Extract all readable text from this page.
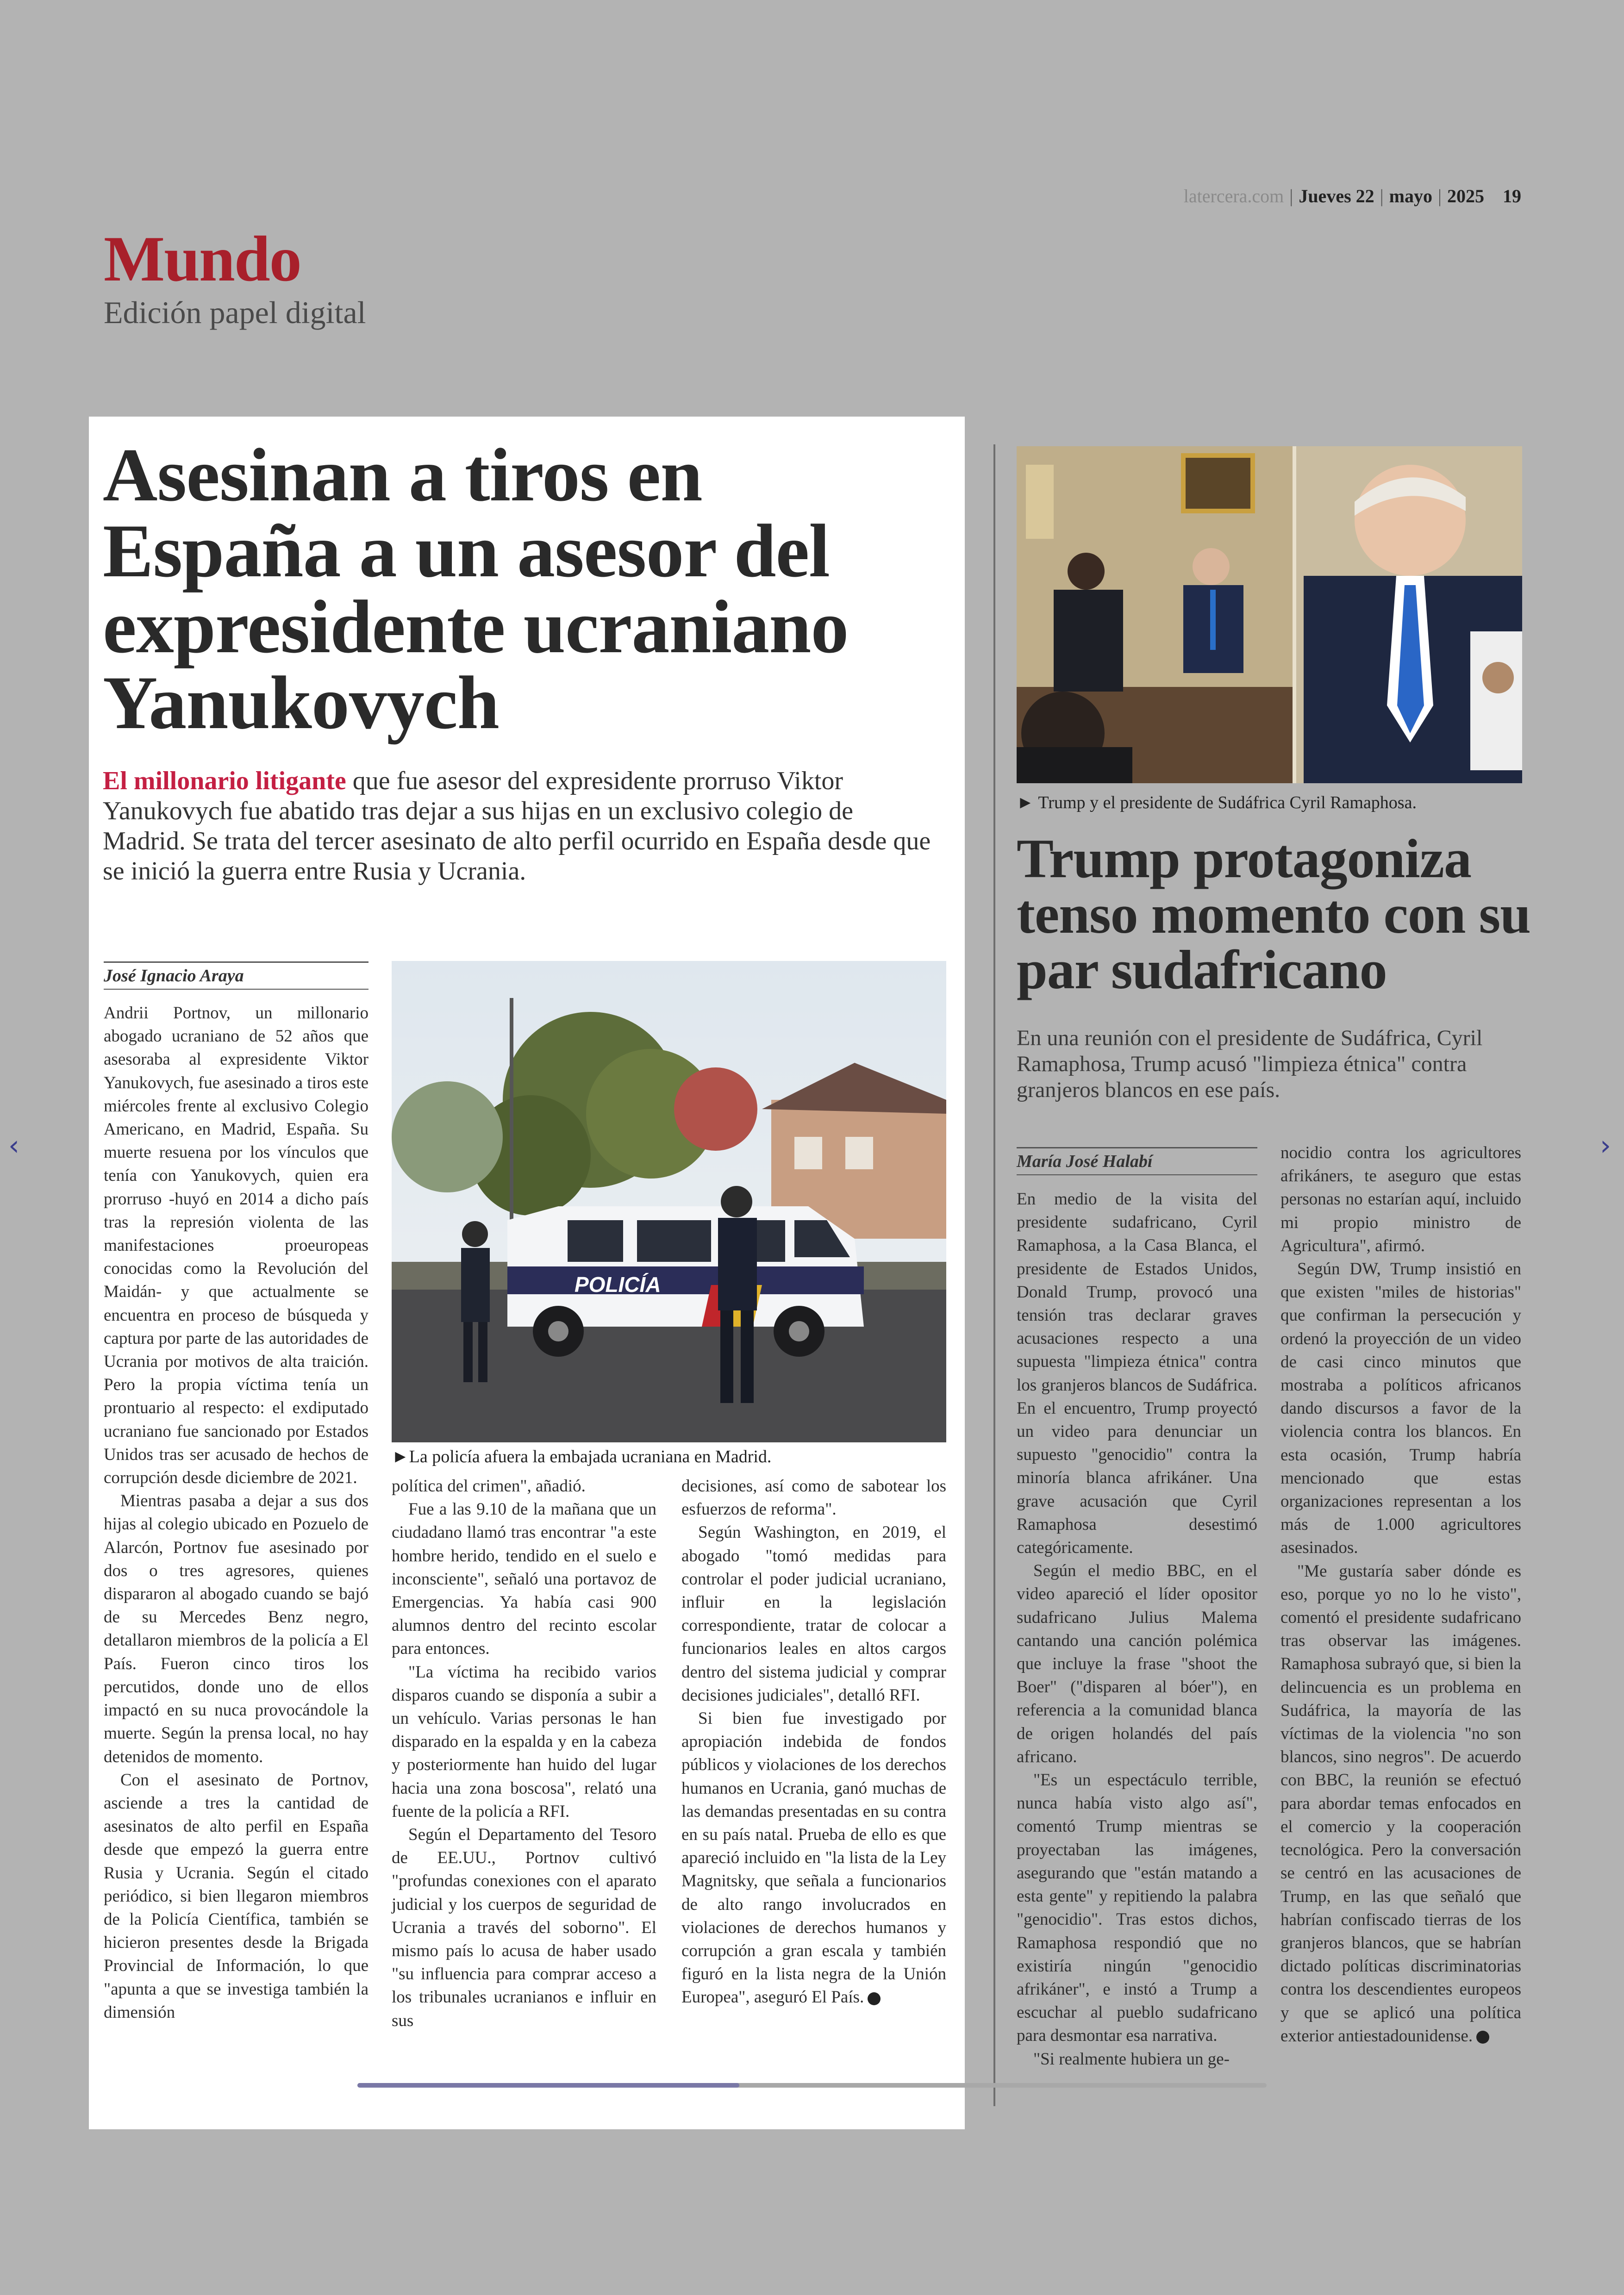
latercera.com | Jueves 22 | mayo | 2025 19
Mundo
Edición papel digital
Asesinan a tiros en España a un asesor del expresidente ucraniano Yanukovych
El millonario litigante que fue asesor del expresidente prorruso Viktor Yanukovych fue abatido tras dejar a sus hijas en un exclusivo colegio de Madrid. Se trata del tercer asesinato de alto perfil ocurrido en España desde que se inició la guerra entre Rusia y Ucrania.
José Ignacio Araya

Andrii Portnov, un millonario abogado ucraniano de 52 años que asesoraba al expresidente Viktor Yanukovych, fue asesinado a tiros este miércoles frente al exclusivo Colegio Americano, en Madrid, España. Su muerte resuena por los vínculos que tenía con Yanukovych, quien era prorruso -huyó en 2014 a dicho país tras la represión violenta de las manifestaciones proeuropeas conocidas como la Revolución del Maidán- y que actualmente se encuentra en proceso de búsqueda y captura por parte de las autoridades de Ucrania por motivos de alta traición. Pero la propia víctima tenía un prontuario al respecto: el exdiputado ucraniano fue sancionado por Estados Unidos tras ser acusado de hechos de corrupción desde diciembre de 2021.

Mientras pasaba a dejar a sus dos hijas al colegio ubicado en Pozuelo de Alarcón, Portnov fue asesinado por dos o tres agresores, quienes dispararon al abogado cuando se bajó de su Mercedes Benz negro, detallaron miembros de la policía a El País. Fueron cinco tiros los percutidos, donde uno de ellos impactó en su nuca provocándole la muerte. Según la prensa local, no hay detenidos de momento.

Con el asesinato de Portnov, asciende a tres la cantidad de asesinatos de alto perfil en España desde que empezó la guerra entre Rusia y Ucrania. Según el citado periódico, si bien llegaron miembros de la Policía Científica, también se hicieron presentes desde la Brigada Provincial de Información, lo que "apunta a que se investiga también la dimensión

POLICÍA
►La policía afuera la embajada ucraniana en Madrid.

política del crimen", añadió.

Fue a las 9.10 de la mañana que un ciudadano llamó tras encontrar "a este hombre herido, tendido en el suelo e inconsciente", señaló una portavoz de Emergencias. Ya había casi 900 alumnos dentro del recinto escolar para entonces.

"La víctima ha recibido varios disparos cuando se disponía a subir a un vehículo. Varias personas le han disparado en la espalda y en la cabeza y posteriormente han huido del lugar hacia una zona boscosa", relató una fuente de la policía a RFI.

Según el Departamento del Tesoro de EE.UU., Portnov cultivó "profundas conexiones con el aparato judicial y los cuerpos de seguridad de Ucrania a través del soborno". El mismo país lo acusa de haber usado "su influencia para comprar acceso a los tribunales ucranianos e influir en sus

decisiones, así como de sabotear los esfuerzos de reforma".

Según Washington, en 2019, el abogado "tomó medidas para controlar el poder judicial ucraniano, influir en la legislación correspondiente, tratar de colocar a funcionarios leales en altos cargos dentro del sistema judicial y comprar decisiones judiciales", detalló RFI.

Si bien fue investigado por apropiación indebida de fondos públicos y violaciones de los derechos humanos en Ucrania, ganó muchas de las demandas presentadas en su contra en su país natal. Prueba de ello es que apareció incluido en "la lista de la Ley Magnitsky, que señala a funcionarios de alto rango involucrados en violaciones de derechos humanos y corrupción a gran escala y también figuró en la lista negra de la Unión Europea", aseguró El País.

► Trump y el presidente de Sudáfrica Cyril Ramaphosa.
Trump protagoniza tenso momento con su par sudafricano
En una reunión con el presidente de Sudáfrica, Cyril Ramaphosa, Trump acusó "limpieza étnica" contra granjeros blancos en ese país.
María José Halabí

En medio de la visita del presidente sudafricano, Cyril Ramaphosa, a la Casa Blanca, el presidente de Estados Unidos, Donald Trump, provocó una tensión tras declarar graves acusaciones respecto a una supuesta "limpieza étnica" contra los granjeros blancos de Sudáfrica. En el encuentro, Trump proyectó un video para denunciar un supuesto "genocidio" contra la minoría blanca afrikáner. Una grave acusación que Cyril Ramaphosa desestimó categóricamente.

Según el medio BBC, en el video apareció el líder opositor sudafricano Julius Malema cantando una canción polémica que incluye la frase "shoot the Boer" ("disparen al bóer"), en referencia a la comunidad blanca de origen holandés del país africano.

"Es un espectáculo terrible, nunca había visto algo así", comentó Trump mientras se proyectaban las imágenes, asegurando que "están matando a esta gente" y repitiendo la palabra "genocidio". Tras estos dichos, Ramaphosa respondió que no existiría ningún "genocidio afrikáner", e instó a Trump a escuchar al pueblo sudafricano para desmontar esa narrativa.

"Si realmente hubiera un ge-

nocidio contra los agricultores afrikáners, te aseguro que estas personas no estarían aquí, incluido mi propio ministro de Agricultura", afirmó.

Según DW, Trump insistió en que existen "miles de historias" que confirman la persecución y ordenó la proyección de un video de casi cinco minutos que mostraba a políticos africanos dando discursos a favor de la violencia contra los blancos. En esta ocasión, Trump habría mencionado que estas organizaciones representan a los más de 1.000 agricultores asesinados.

"Me gustaría saber dónde es eso, porque yo no lo he visto", comentó el presidente sudafricano tras observar las imágenes. Ramaphosa subrayó que, si bien la delincuencia es un problema en Sudáfrica, la mayoría de las víctimas de la violencia "no son blancos, sino negros". De acuerdo con BBC, la reunión se efectuó para abordar temas enfocados en el comercio y la cooperación tecnológica. Pero la conversación se centró en las acusaciones de Trump, en las que señaló que habrían confiscado tierras de los granjeros blancos, que se habrían dictado políticas discriminatorias contra los descendientes europeos y que se aplicó una política exterior antiestadounidense.

‹	›
